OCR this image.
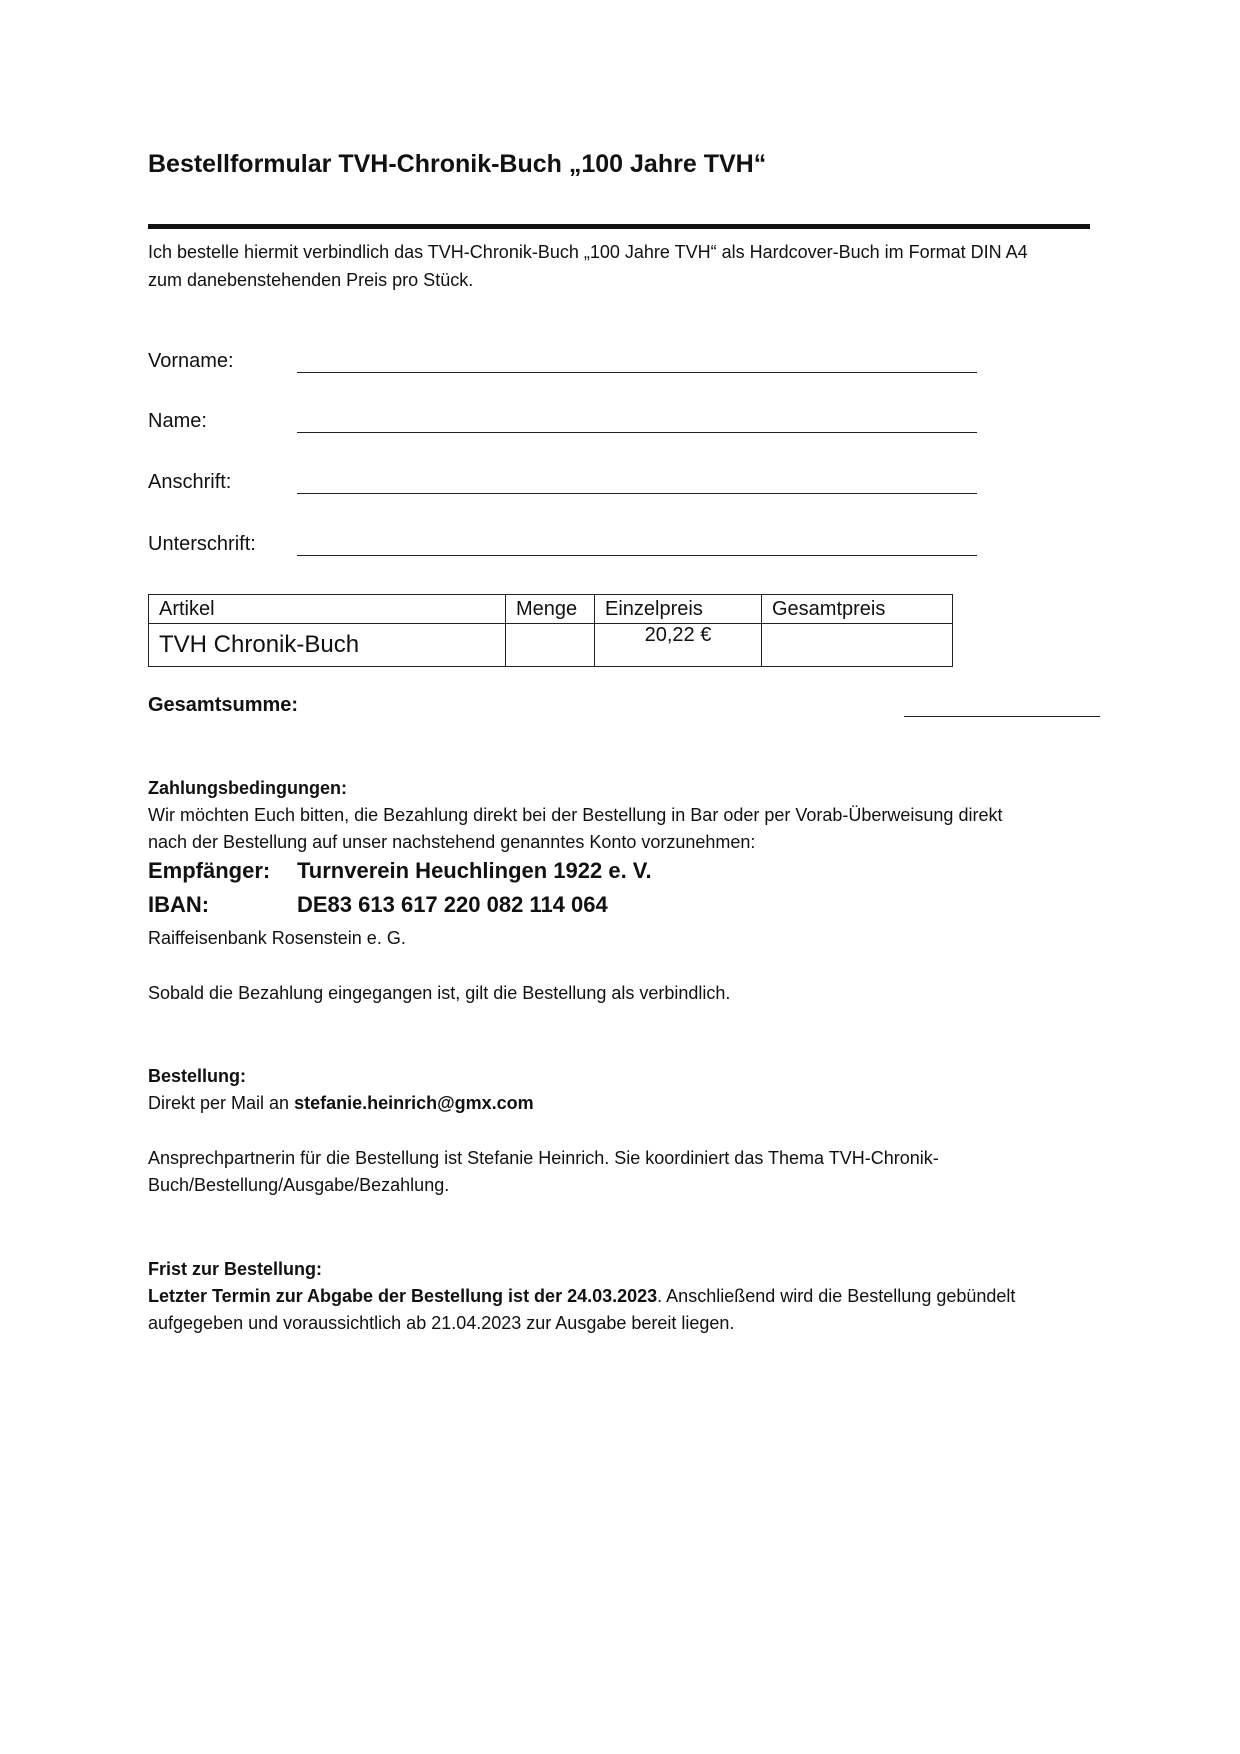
Bestellformular TVH-Chronik-Buch „100 Jahre TVH“

Ich bestelle hiermit verbindlich das TVH-Chronik-Buch „100 Jahre TVH“ als Hardcover-Buch im Format DIN A4

zum danebenstehenden Preis pro Stück.

Vorname:
Name:
Anschrift:
Unterschrift:
Artikel	Menge	Einzelpreis	Gesamtpreis
TVH Chronik-Buch		20,22 €	
Gesamtsumme:
Zahlungsbedingungen:
Wir möchten Euch bitten, die Bezahlung direkt bei der Bestellung in Bar oder per Vorab-Überweisung direkt
nach der Bestellung auf unser nachstehend genanntes Konto vorzunehmen:
Empfänger: Turnverein Heuchlingen 1922 e. V.
IBAN:	DE83 613 617 220 082 114 064
Raiffeisenbank Rosenstein e. G.
Sobald die Bezahlung eingegangen ist, gilt die Bestellung als verbindlich.
Bestellung:
Direkt per Mail an stefanie.heinrich@gmx.com
Ansprechpartnerin für die Bestellung ist Stefanie Heinrich. Sie koordiniert das Thema TVH-Chronik-
Buch/Bestellung/Ausgabe/Bezahlung.
Frist zur Bestellung:
Letzter Termin zur Abgabe der Bestellung ist der 24.03.2023. Anschließend wird die Bestellung gebündelt
aufgegeben und voraussichtlich ab 21.04.2023 zur Ausgabe bereit liegen.
